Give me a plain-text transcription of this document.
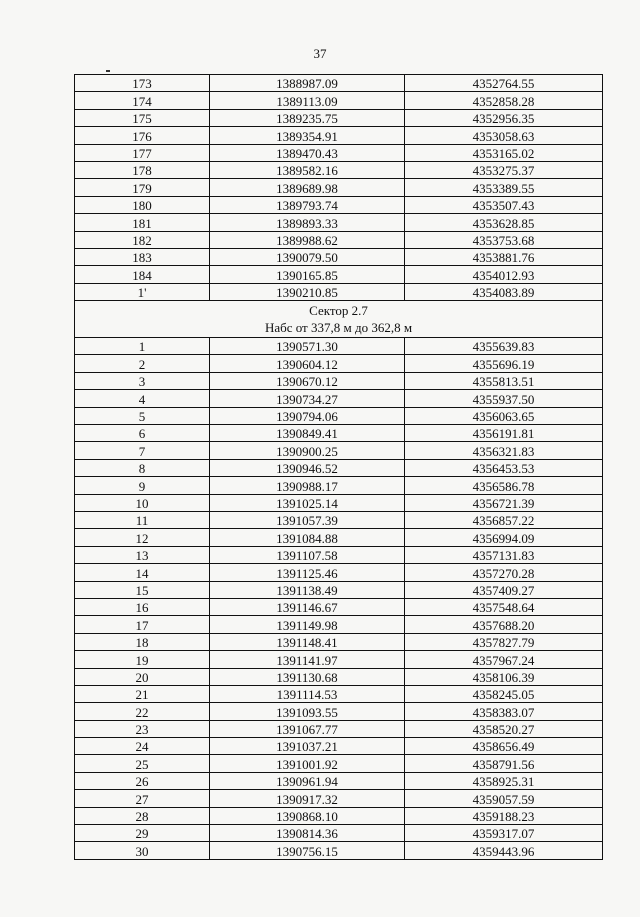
37
173	1388987.09	4352764.55
174	1389113.09	4352858.28
175	1389235.75	4352956.35
176	1389354.91	4353058.63
177	1389470.43	4353165.02
178	1389582.16	4353275.37
179	1389689.98	4353389.55
180	1389793.74	4353507.43
181	1389893.33	4353628.85
182	1389988.62	4353753.68
183	1390079.50	4353881.76
184	1390165.85	4354012.93
1'	1390210.85	4354083.89

Сектор 2.7
Набс от 337,8 м до 362,8 м		

1	1390571.30	4355639.83
2	1390604.12	4355696.19
3	1390670.12	4355813.51
4	1390734.27	4355937.50
5	1390794.06	4356063.65
6	1390849.41	4356191.81
7	1390900.25	4356321.83
8	1390946.52	4356453.53
9	1390988.17	4356586.78
10	1391025.14	4356721.39
11	1391057.39	4356857.22
12	1391084.88	4356994.09
13	1391107.58	4357131.83
14	1391125.46	4357270.28
15	1391138.49	4357409.27
16	1391146.67	4357548.64
17	1391149.98	4357688.20
18	1391148.41	4357827.79
19	1391141.97	4357967.24
20	1391130.68	4358106.39
21	1391114.53	4358245.05
22	1391093.55	4358383.07
23	1391067.77	4358520.27
24	1391037.21	4358656.49
25	1391001.92	4358791.56
26	1390961.94	4358925.31
27	1390917.32	4359057.59
28	1390868.10	4359188.23
29	1390814.36	4359317.07
30	1390756.15	4359443.96
